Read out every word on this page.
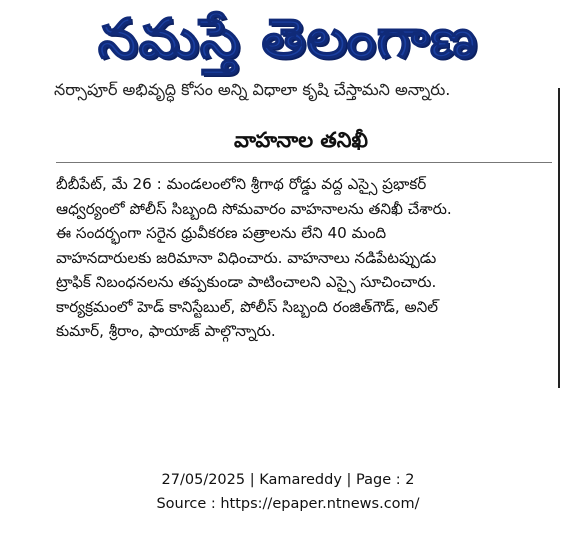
నమస్తే తెలంగాణ
నర్సాపూర్ అభివృద్ధి కోసం అన్ని విధాలా కృషి చేస్తామని అన్నారు.
వాహనాల తనిఖీ
బీబీపేట్, మే 26 : మండలంలోని శ్రీగాథ రోడ్డు వద్ద ఎస్సై ప్రభాకర్
ఆధ్వర్యంలో పోలీస్ సిబ్బంది సోమవారం వాహనాలను తనిఖీ చేశారు.
ఈ సందర్భంగా సరైన ధ్రువీకరణ పత్రాలను లేని 40 మంది
వాహనదారులకు జరిమానా విధించారు. వాహనాలు నడిపేటప్పుడు
ట్రాఫిక్ నిబంధనలను తప్పకుండా పాటించాలని ఎస్సై సూచించారు.
కార్యక్రమంలో హెడ్ కానిస్టేబుల్, పోలీస్ సిబ్బంది రంజిత్‌గౌడ్, అనిల్
కుమార్, శ్రీరాం, ఫాయాజ్ పాల్గొన్నారు.
27/05/2025 | Kamareddy | Page : 2
Source : https://epaper.ntnews.com/
